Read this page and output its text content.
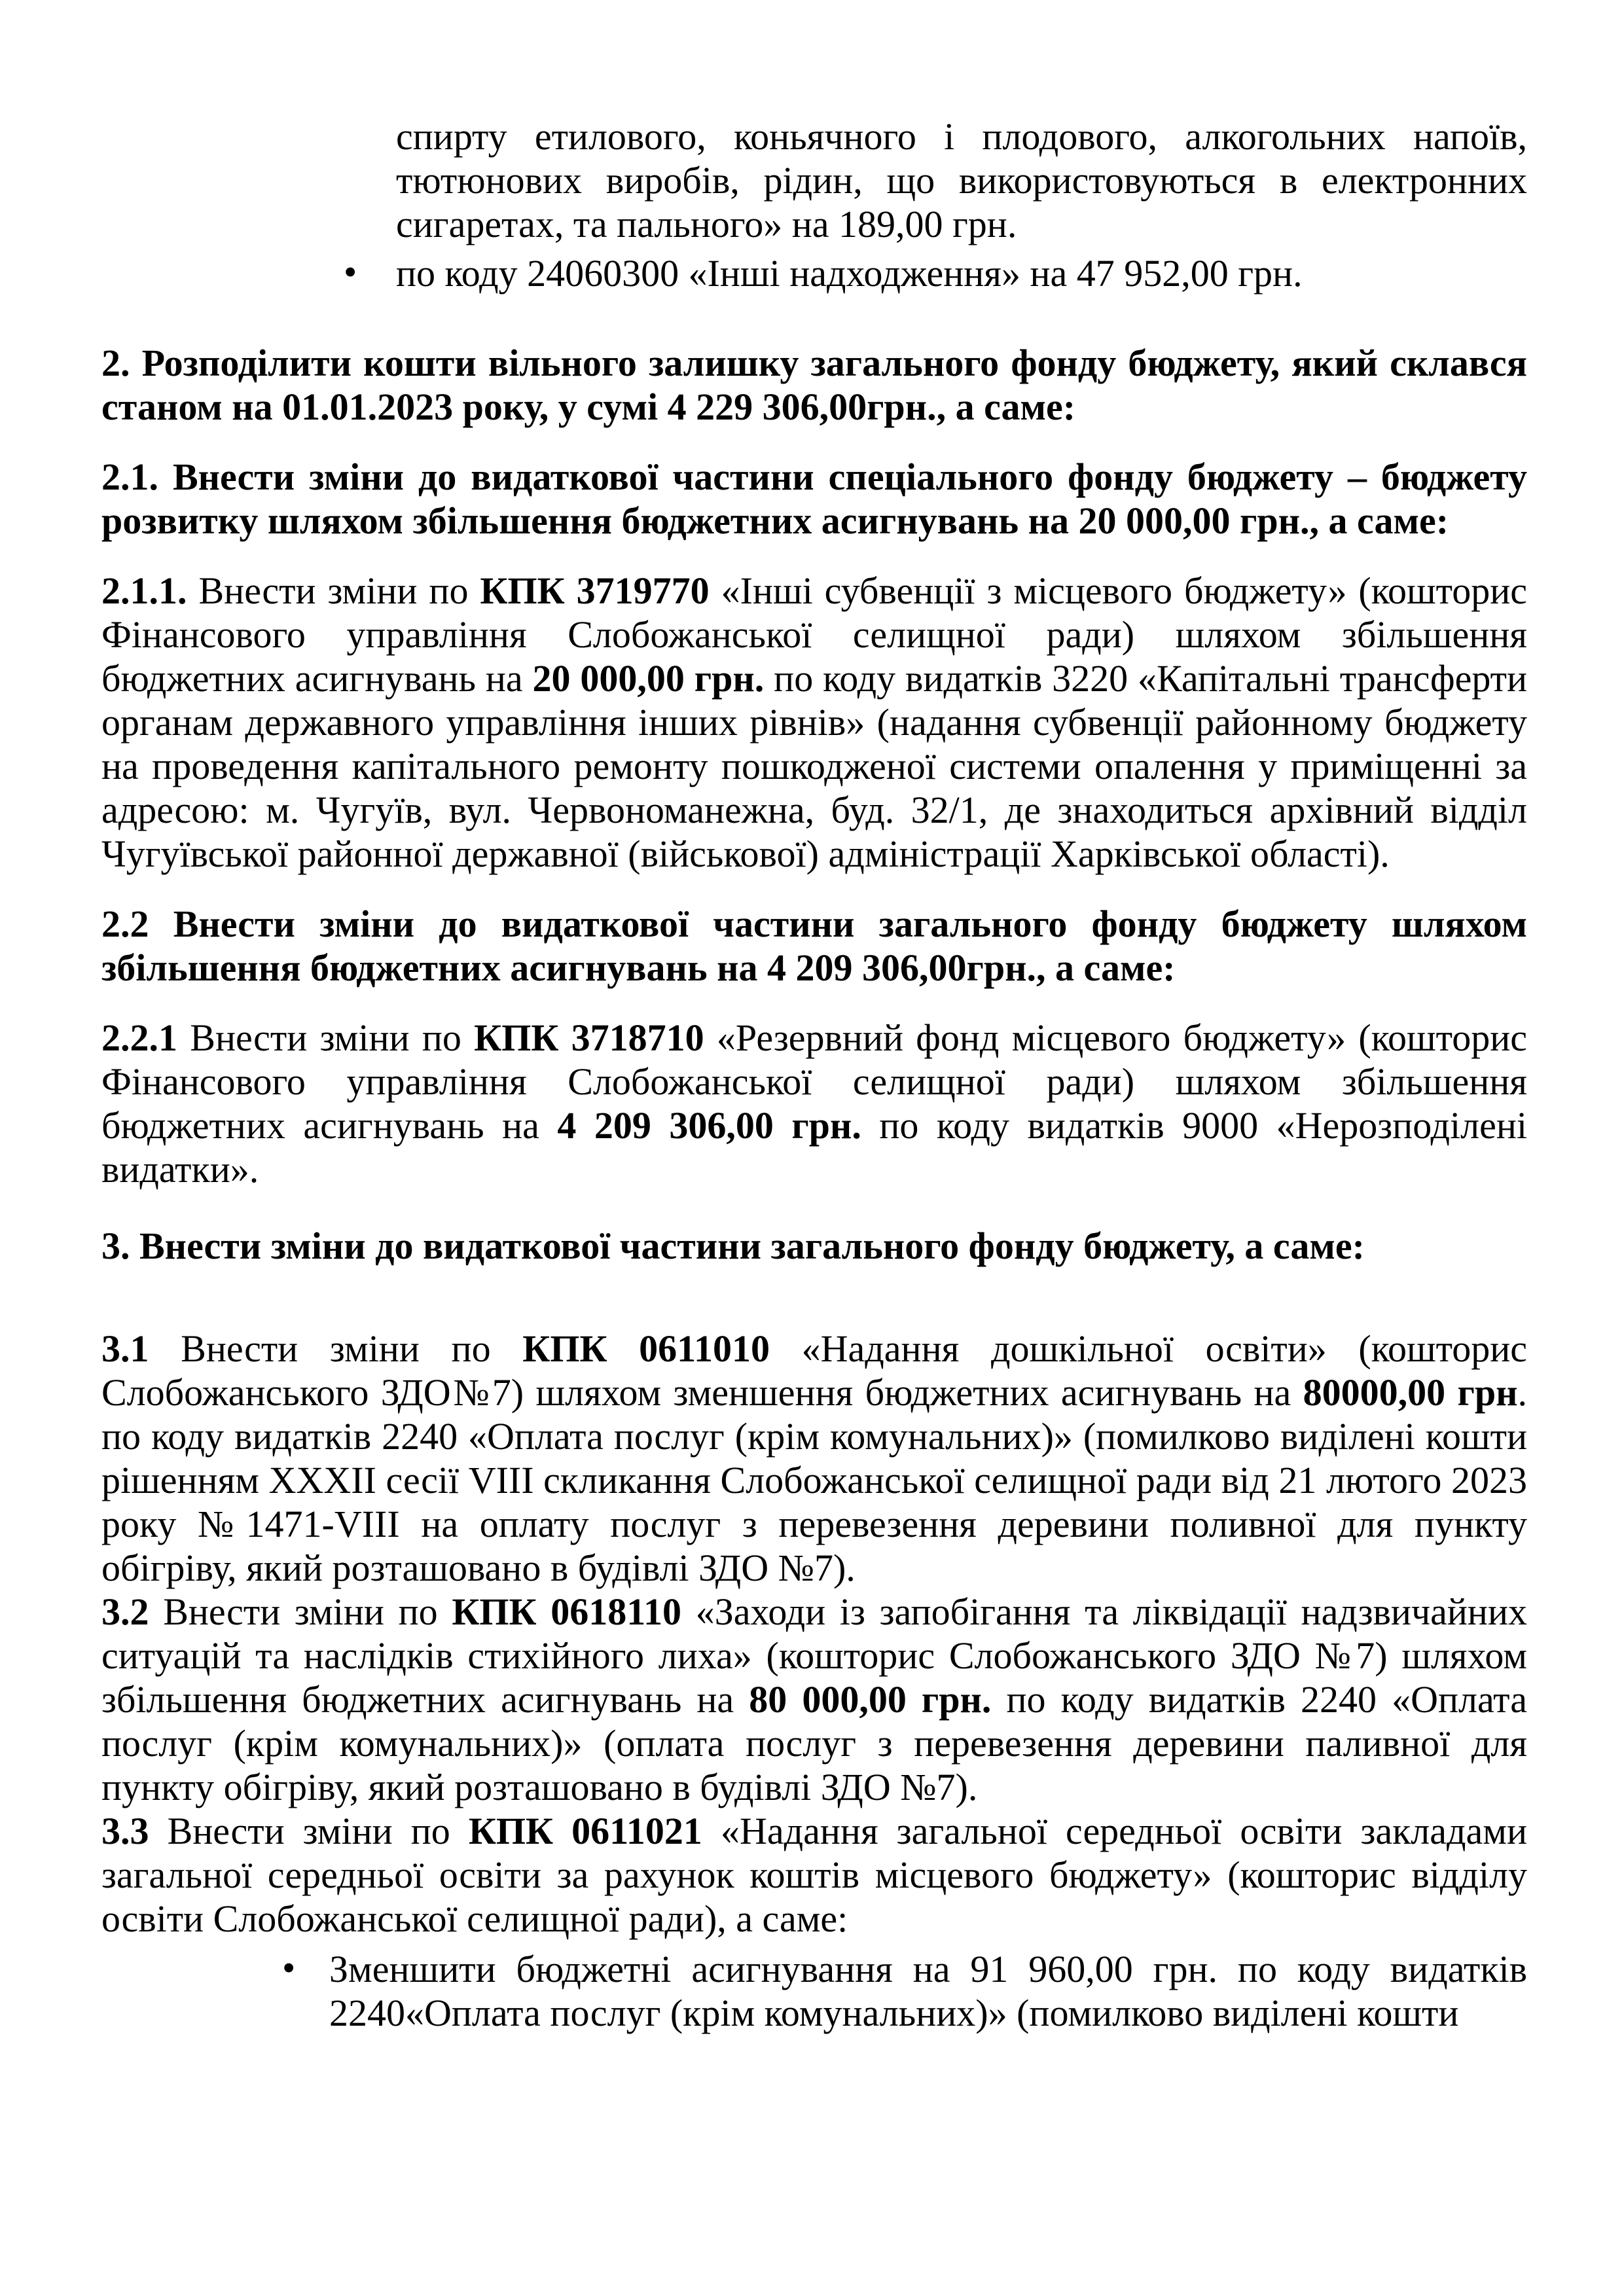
спирту етилового, коньячного і плодового, алкогольних напоїв, тютюнових виробів, рідин, що використовуються в електронних сигаретах, та пального» на 189,00 грн.
• по коду 24060300 «Інші надходження» на 47 952,00 грн.

2. Розподілити кошти вільного залишку загального фонду бюджету, який склався станом на 01.01.2023 року, у сумі 4 229 306,00грн., а саме:

2.1. Внести зміни до видаткової частини спеціального фонду бюджету – бюджету розвитку шляхом збільшення бюджетних асигнувань на 20 000,00 грн., а саме:

2.1.1. Внести зміни по КПК 3719770 «Інші субвенції з місцевого бюджету» (кошторис Фінансового управління Слобожанської селищної ради) шляхом збільшення бюджетних асигнувань на 20 000,00 грн. по коду видатків 3220 «Капітальні трансферти органам державного управління інших рівнів» (надання субвенції районному бюджету на проведення капітального ремонту пошкодженої системи опалення у приміщенні за адресою: м. Чугуїв, вул. Червономанежна, буд. 32/1, де знаходиться архівний відділ Чугуївської районної державної (військової) адміністрації Харківської області).

2.2 Внести зміни до видаткової частини загального фонду бюджету шляхом збільшення бюджетних асигнувань на 4 209 306,00грн., а саме:

2.2.1 Внести зміни по КПК 3718710 «Резервний фонд місцевого бюджету» (кошторис Фінансового управління Слобожанської селищної ради) шляхом збільшення бюджетних асигнувань на 4 209 306,00 грн. по коду видатків 9000 «Нерозподілені видатки».

3. Внести зміни до видаткової частини загального фонду бюджету, а саме:

3.1 Внести зміни по КПК 0611010 «Надання дошкільної освіти» (кошторис Слобожанського ЗДО№7) шляхом зменшення бюджетних асигнувань на 80000,00 грн. по коду видатків 2240 «Оплата послуг (крім комунальних)» (помилково виділені кошти рішенням XXXII сесії VIII скликання Слобожанської селищної ради від 21 лютого 2023 року №1471-VIII на оплату послуг з перевезення деревини поливної для пункту обігріву, який розташовано в будівлі ЗДО №7).

3.2 Внести зміни по КПК 0618110 «Заходи із запобігання та ліквідації надзвичайних ситуацій та наслідків стихійного лиха» (кошторис Слобожанського ЗДО №7) шляхом збільшення бюджетних асигнувань на 80 000,00 грн. по коду видатків 2240 «Оплата послуг (крім комунальних)» (оплата послуг з перевезення деревини паливної для пункту обігріву, який розташовано в будівлі ЗДО №7).

3.3 Внести зміни по КПК 0611021 «Надання загальної середньої освіти закладами загальної середньої освіти за рахунок коштів місцевого бюджету» (кошторис відділу освіти Слобожанської селищної ради), а саме:

• Зменшити бюджетні асигнування на 91 960,00 грн. по коду видатків 2240«Оплата послуг (крім комунальних)» (помилково виділені кошти
